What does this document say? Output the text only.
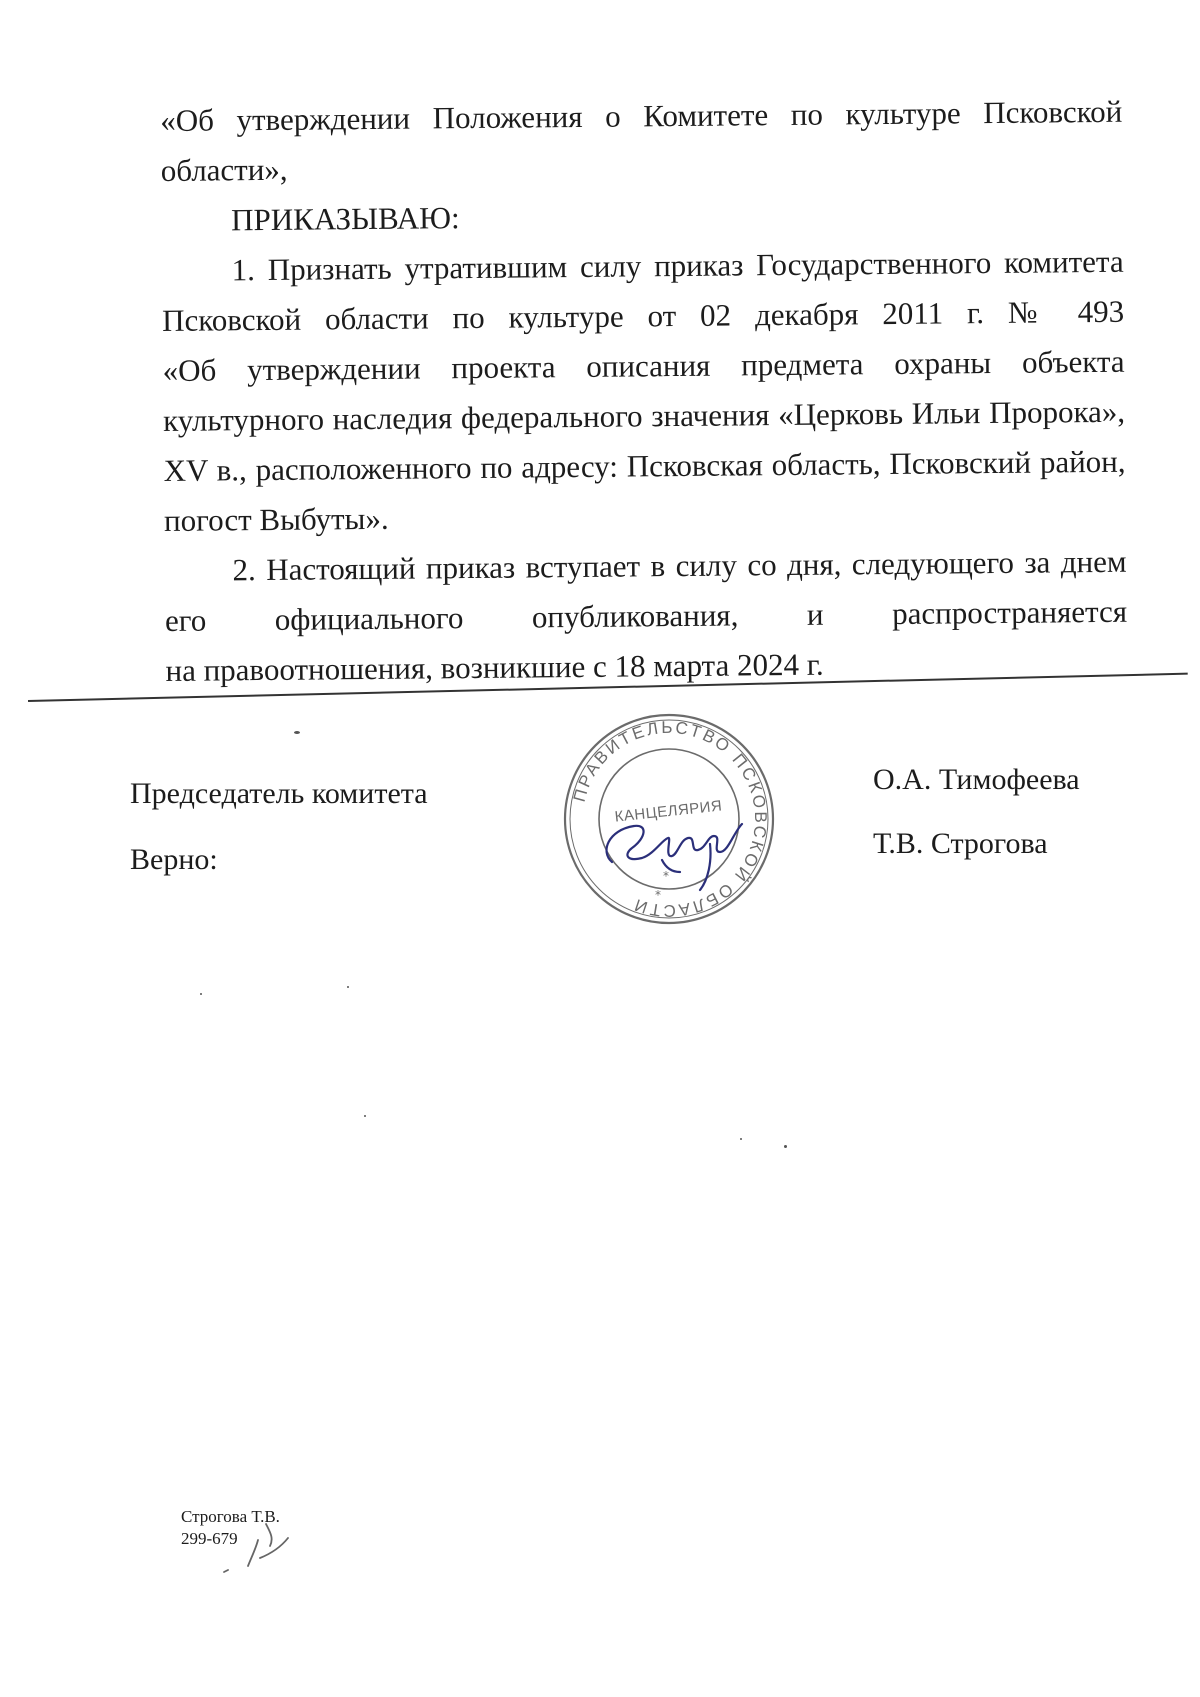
«Об утверждении Положения о Комитете по культуре Псковской
области»,
ПРИКАЗЫВАЮ:
1. Признать утратившим силу приказ Государственного комитета
Псковской области по культуре от 02 декабря 2011 г. № 493
«Об утверждении проекта описания предмета охраны объекта
культурного наследия федерального значения «Церковь Ильи Пророка»,
XV в., расположенного по адресу: Псковская область, Псковский район,
погост Выбуты».
2. Настоящий приказ вступает в силу со дня, следующего за днем
его официального опубликования, и распространяется
на правоотношения, возникшие с 18 марта 2024 г.
Председатель комитета
Верно:
О.А. Тимофеева
Т.В. Строгова
ПРАВИТЕЛЬСТВО ПСКОВСКОЙ ОБЛАСТИ
КАНЦЕЛЯРИЯ
*
*
Строгова Т.В.
299-679
